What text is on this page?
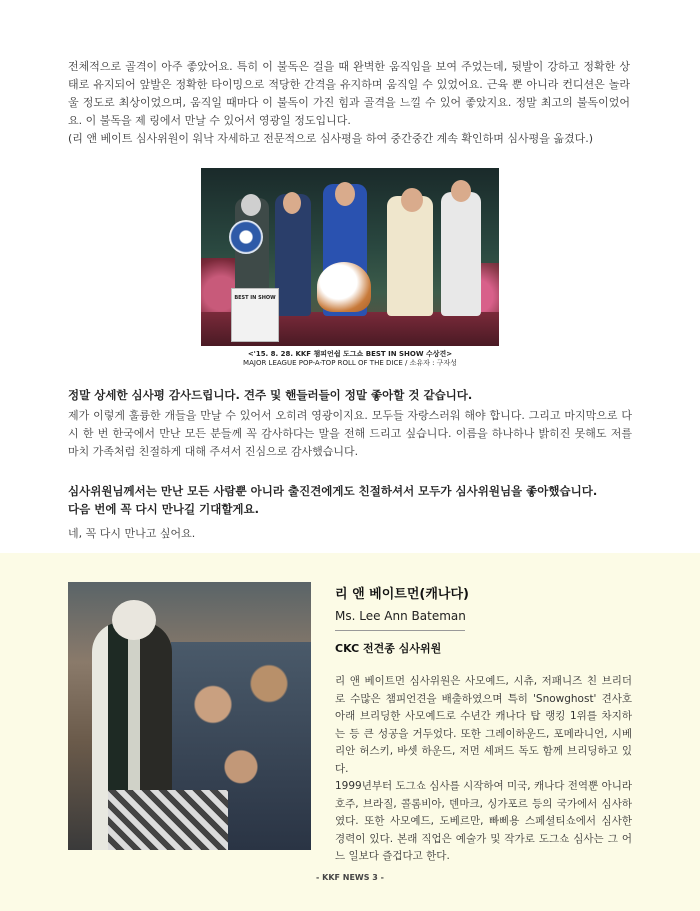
전체적으로 골격이 아주 좋았어요. 특히 이 불독은 걸을 때 완벽한 움직임을 보여 주었는데, 뒷발이 강하고 정확한 상태로 유지되어 앞발은 정확한 타이밍으로 적당한 간격을 유지하며 움직일 수 있었어요. 근육 뿐 아니라 컨디션은 놀라울 정도로 최상이었으며, 움직일 때마다 이 불독이 가진 힘과 골격을 느낄 수 있어 좋았지요. 정말 최고의 불독이었어요. 이 불독을 제 링에서 만날 수 있어서 영광일 정도입니다.

(리 앤 베이트 심사위원이 워낙 자세하고 전문적으로 심사평을 하여 중간중간 계속 확인하며 심사평을 옮겼다.)

BEST IN SHOW
<'15. 8. 28. KKF 챔피언쉽 도그쇼 BEST IN SHOW 수상견>
MAJOR LEAGUE POP-A-TOP ROLL OF THE DICE / 소유자 : 구자성

정말 상세한 심사평 감사드립니다. 견주 및 핸들러들이 정말 좋아할 것 같습니다.

제가 이렇게 훌륭한 개들을 만날 수 있어서 오히려 영광이지요. 모두들 자랑스러워 해야 합니다. 그리고 마지막으로 다시 한 번 한국에서 만난 모든 분들께 꼭 감사하다는 말을 전해 드리고 싶습니다. 이름을 하나하나 밝히진 못해도 저를 마치 가족처럼 친절하게 대해 주셔서 진심으로 감사했습니다.

심사위원님께서는 만난 모든 사람뿐 아니라 출진견에게도 친절하셔서 모두가 심사위원님을 좋아했습니다.

다음 번에 꼭 다시 만나길 기대할게요.

네, 꼭 다시 만나고 싶어요.

리 앤 베이트먼(캐나다)

Ms. Lee Ann Bateman

CKC 전견종 심사위원

리 앤 베이트먼 심사위원은 사모예드, 시츄, 저패니즈 친 브리더로 수많은 챔피언견을 배출하였으며 특히 'Snowghost' 견사호 아래 브리딩한 사모예드로 수년간 캐나다 탑 랭킹 1위를 차지하는 등 큰 성공을 거두었다. 또한 그레이하운드, 포메라니언, 시베리안 허스키, 바셋 하운드, 저먼 셰퍼드 독도 함께 브리딩하고 있다.

1999년부터 도그쇼 심사를 시작하여 미국, 캐나다 전역뿐 아니라 호주, 브라질, 콜롬비아, 덴마크, 싱가포르 등의 국가에서 심사하였다. 또한 사모예드, 도베르만, 빠삐용 스페셜티쇼에서 심사한 경력이 있다. 본래 직업은 예술가 및 작가로 도그쇼 심사는 그 어느 일보다 즐겁다고 한다.

- KKF NEWS 3 -
